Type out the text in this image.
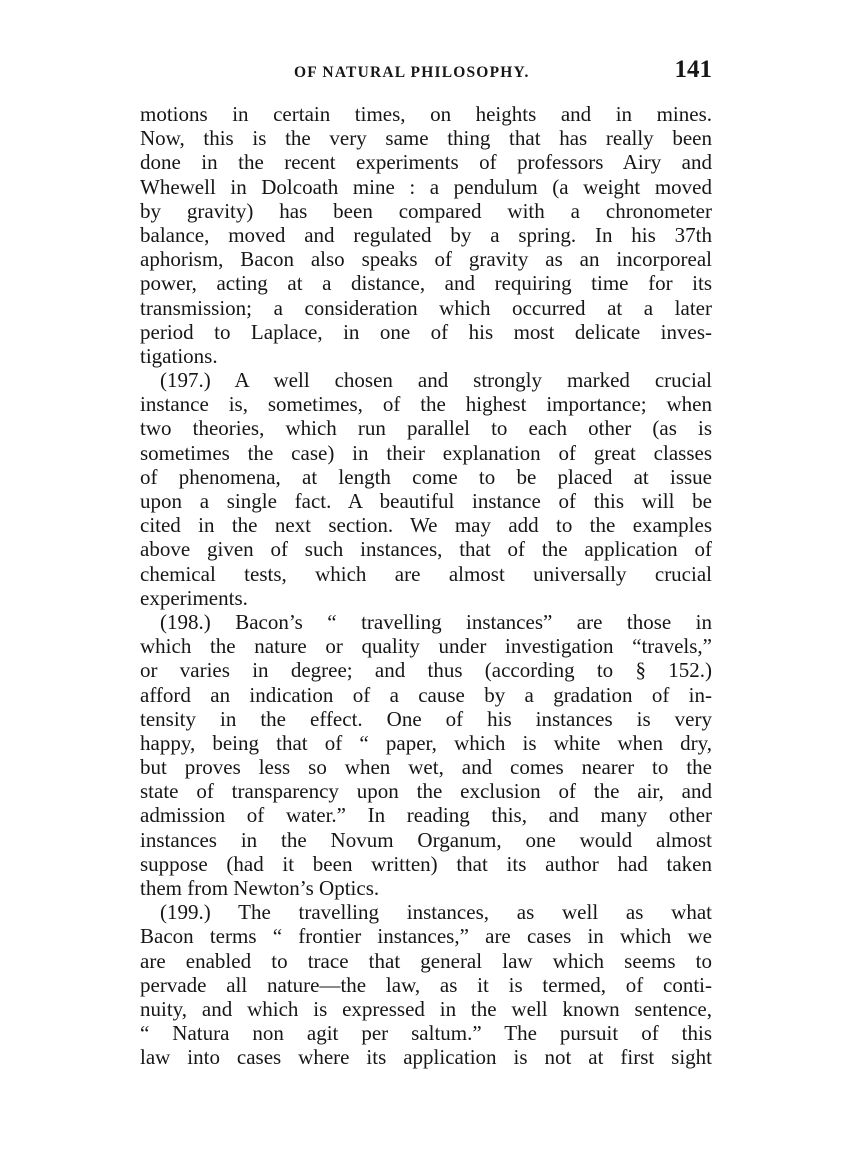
OF NATURAL PHILOSOPHY.	141
motions in certain times, on heights and in mines.
Now, this is the very same thing that has really been
done in the recent experiments of professors Airy and
Whewell in Dolcoath mine : a pendulum (a weight moved
by gravity) has been compared with a chronometer
balance, moved and regulated by a spring. In his 37th
aphorism, Bacon also speaks of gravity as an incorporeal
power, acting at a distance, and requiring time for its
transmission; a consideration which occurred at a later
period to Laplace, in one of his most delicate inves-
tigations.
(197.) A well chosen and strongly marked crucial
instance is, sometimes, of the highest importance; when
two theories, which run parallel to each other (as is
sometimes the case) in their explanation of great classes
of phenomena, at length come to be placed at issue
upon a single fact. A beautiful instance of this will be
cited in the next section. We may add to the examples
above given of such instances, that of the application of
chemical tests, which are almost universally crucial
experiments.
(198.) Bacon’s “ travelling instances” are those in
which the nature or quality under investigation “travels,”
or varies in degree; and thus (according to § 152.)
afford an indication of a cause by a gradation of in-
tensity in the effect. One of his instances is very
happy, being that of “ paper, which is white when dry,
but proves less so when wet, and comes nearer to the
state of transparency upon the exclusion of the air, and
admission of water.” In reading this, and many other
instances in the Novum Organum, one would almost
suppose (had it been written) that its author had taken
them from Newton’s Optics.
(199.) The travelling instances, as well as what
Bacon terms “ frontier instances,” are cases in which we
are enabled to trace that general law which seems to
pervade all nature—the law, as it is termed, of conti-
nuity, and which is expressed in the well known sentence,
“ Natura non agit per saltum.” The pursuit of this
law into cases where its application is not at first sight
